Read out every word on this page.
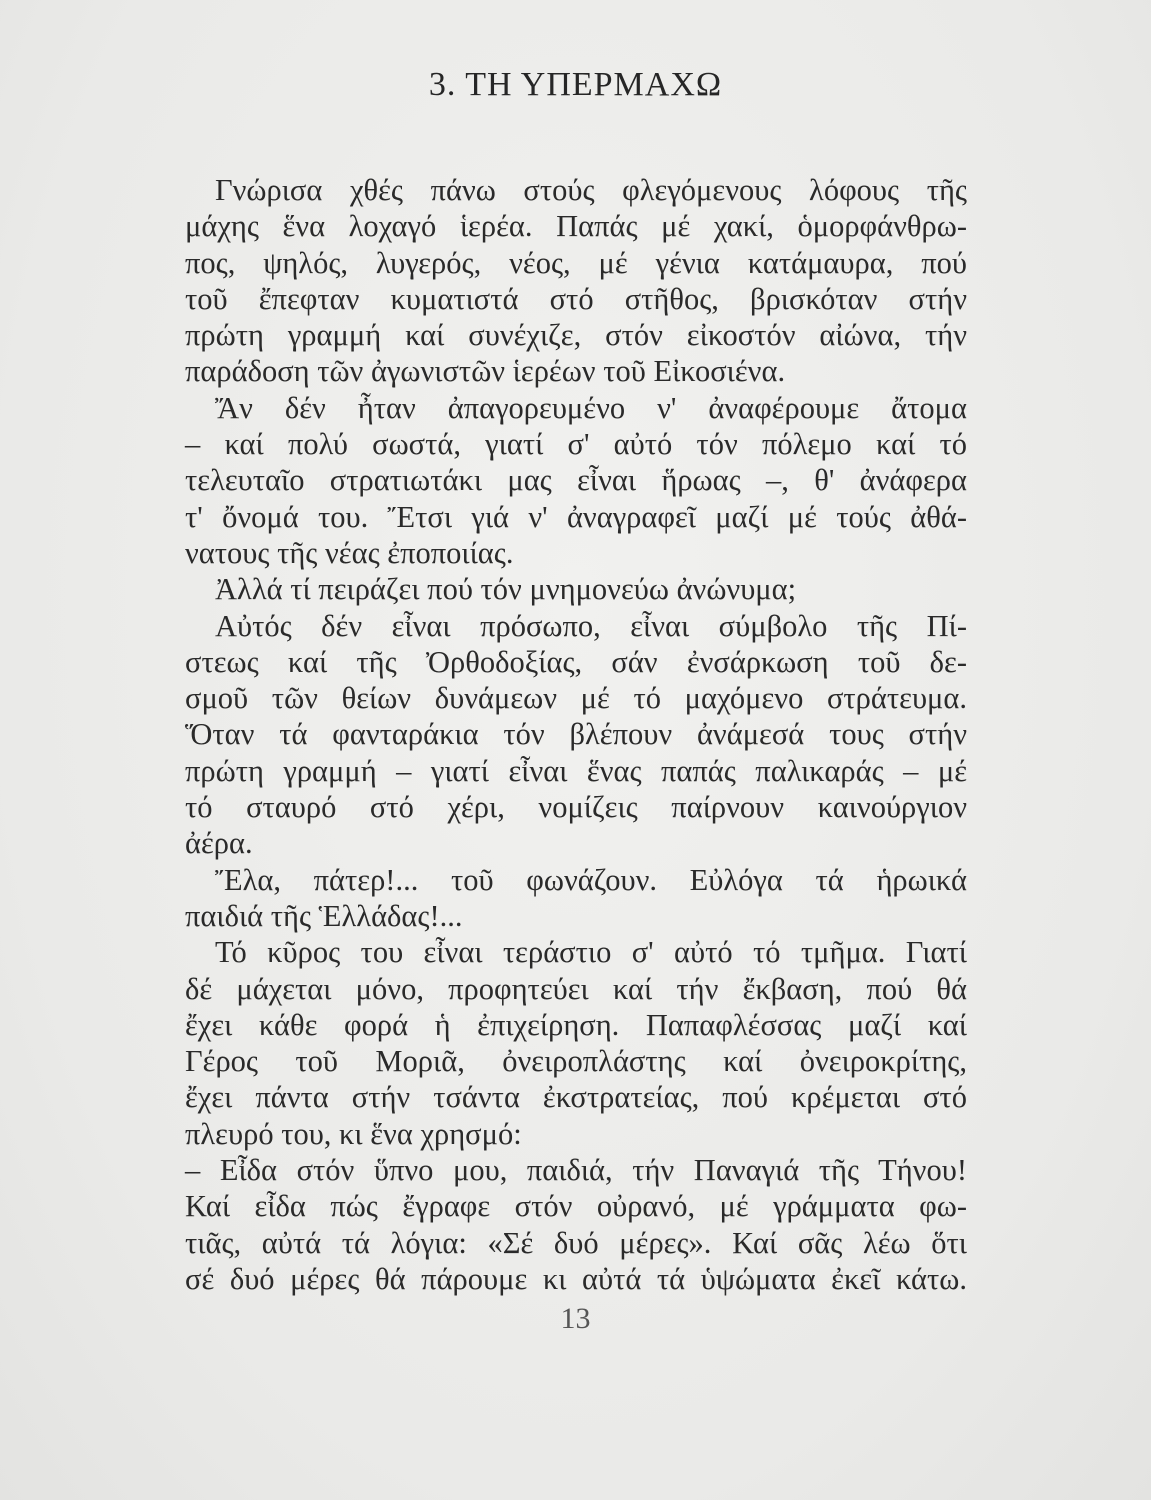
3. ΤΗ ΥΠΕΡΜΑΧΩ
Γνώρισα χθές πάνω στούς φλεγόμενους λόφους τῆς
μάχης ἕνα λοχαγό ἱερέα. Παπάς μέ χακί, ὁμορφάνθρω-
πος, ψηλός, λυγερός, νέος, μέ γένια κατάμαυρα, πού
τοῦ ἔπεφταν κυματιστά στό στῆθος, βρισκόταν στήν
πρώτη γραμμή καί συνέχιζε, στόν εἰκοστόν αἰώνα, τήν
παράδοση τῶν ἀγωνιστῶν ἱερέων τοῦ Εἰκοσιένα.
Ἄν δέν ἦταν ἀπαγορευμένο ν' ἀναφέρουμε ἄτομα
– καί πολύ σωστά, γιατί σ' αὐτό τόν πόλεμο καί τό
τελευταῖο στρατιωτάκι μας εἶναι ἥρωας –, θ' ἀνάφερα
τ' ὄνομά του. Ἔτσι γιά ν' ἀναγραφεῖ μαζί μέ τούς ἀθά-
νατους τῆς νέας ἐποποιίας.
Ἀλλά τί πειράζει πού τόν μνημονεύω ἀνώνυμα;
Αὐτός δέν εἶναι πρόσωπο, εἶναι σύμβολο τῆς Πί-
στεως καί τῆς Ὀρθοδοξίας, σάν ἐνσάρκωση τοῦ δε-
σμοῦ τῶν θείων δυνάμεων μέ τό μαχόμενο στράτευμα.
Ὅταν τά φανταράκια τόν βλέπουν ἀνάμεσά τους στήν
πρώτη γραμμή – γιατί εἶναι ἕνας παπάς παλικαράς – μέ
τό σταυρό στό χέρι, νομίζεις παίρνουν καινούργιον
ἀέρα.
Ἔλα, πάτερ!... τοῦ φωνάζουν. Εὐλόγα τά ἡρωικά
παιδιά τῆς Ἑλλάδας!...
Τό κῦρος του εἶναι τεράστιο σ' αὐτό τό τμῆμα. Γιατί
δέ μάχεται μόνο, προφητεύει καί τήν ἔκβαση, πού θά
ἔχει κάθε φορά ἡ ἐπιχείρηση. Παπαφλέσσας μαζί καί
Γέρος τοῦ Μοριᾶ, ὀνειροπλάστης καί ὀνειροκρίτης,
ἔχει πάντα στήν τσάντα ἐκστρατείας, πού κρέμεται στό
πλευρό του, κι ἕνα χρησμό:
– Εἶδα στόν ὕπνο μου, παιδιά, τήν Παναγιά τῆς Τήνου!
Καί εἶδα πώς ἔγραφε στόν οὐρανό, μέ γράμματα φω-
τιᾶς, αὐτά τά λόγια: «Σέ δυό μέρες». Καί σᾶς λέω ὅτι
σέ δυό μέρες θά πάρουμε κι αὐτά τά ὑψώματα ἐκεῖ κάτω.
13
